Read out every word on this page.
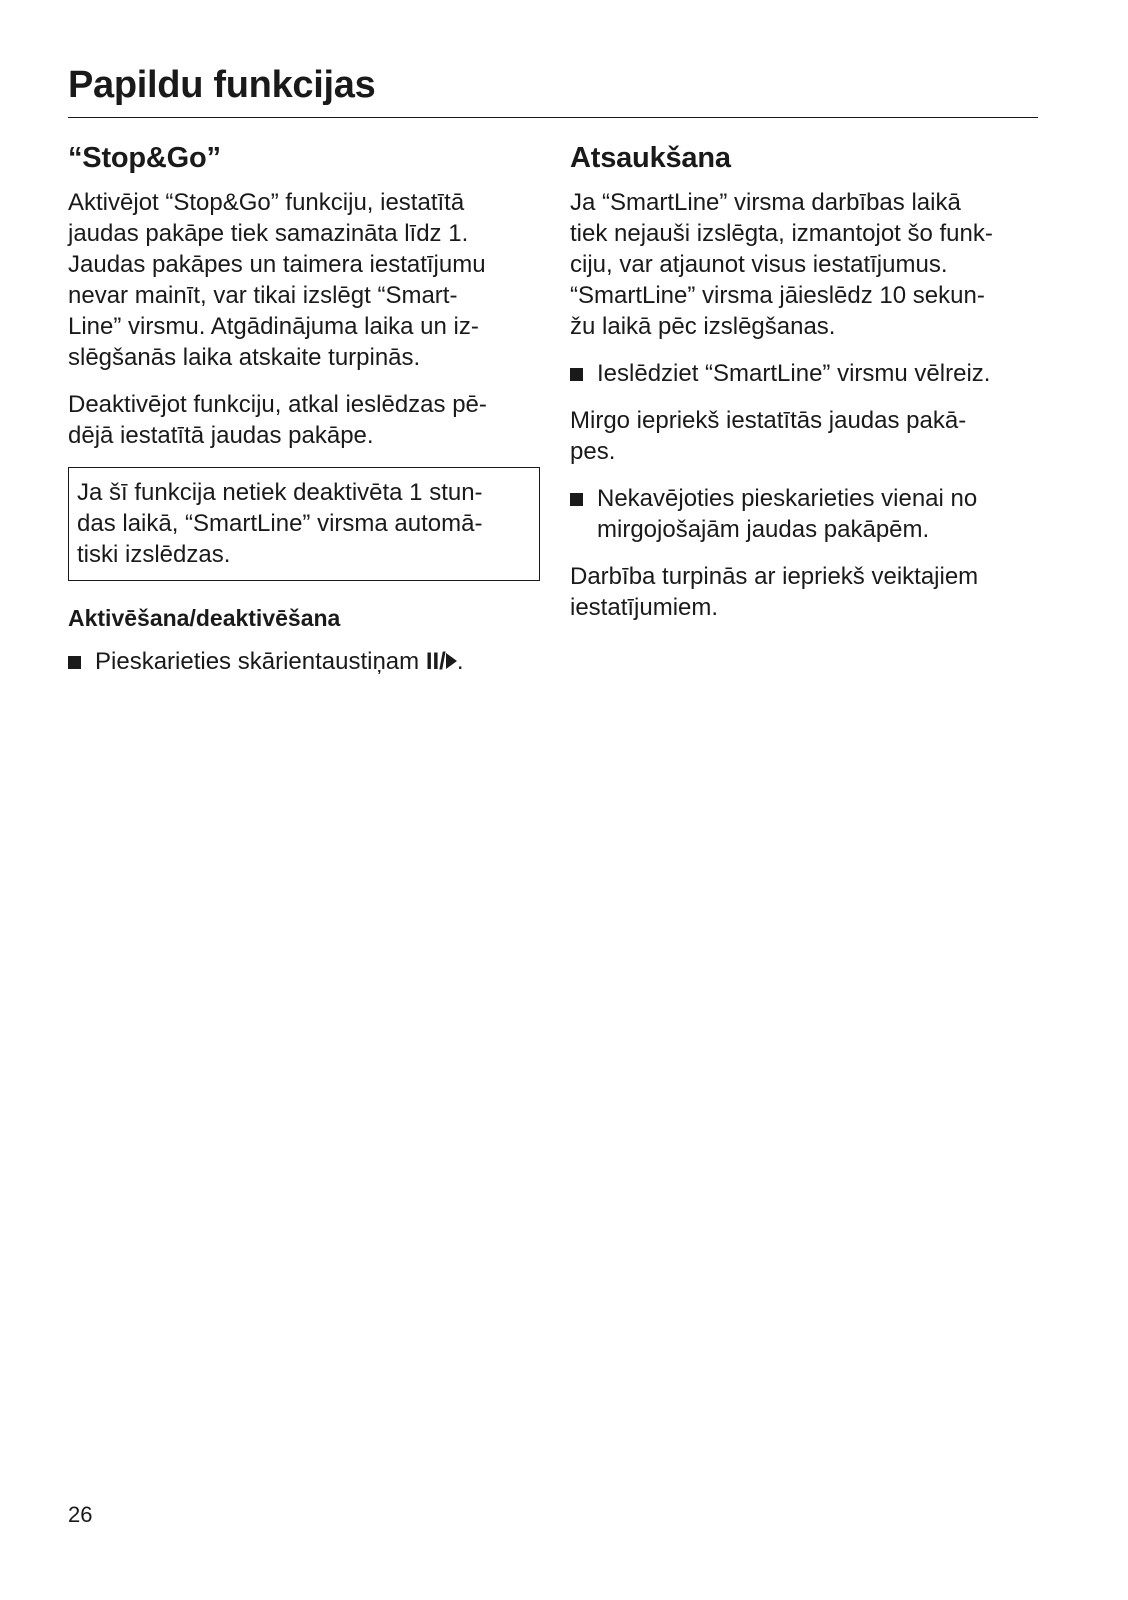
Papildu funkcijas
“Stop&Go”

Aktivējot “Stop&Go” funkciju, iestatītā
jaudas pakāpe tiek samazināta līdz 1.
Jaudas pakāpes un taimera iestatījumu
nevar mainīt, var tikai izslēgt “Smart-
Line” virsmu. Atgādinājuma laika un iz-
slēgšanās laika atskaite turpinās.

Deaktivējot funkciju, atkal ieslēdzas pē-
dējā iestatītā jaudas pakāpe.

Ja šī funkcija netiek deaktivēta 1 stun-
das laikā, “SmartLine” virsma automā-
tiski izslēdzas.

Aktivēšana/deaktivēšana
Pieskarieties skārientaustiņam II/ .
Atsaukšana

Ja “SmartLine” virsma darbības laikā
tiek nejauši izslēgta, izmantojot šo funk-
ciju, var atjaunot visus iestatījumus.
“SmartLine” virsma jāieslēdz 10 sekun-
žu laikā pēc izslēgšanas.

Ieslēdziet “SmartLine” virsmu vēlreiz.

Mirgo iepriekš iestatītās jaudas pakā-
pes.

Nekavējoties pieskarieties vienai no
mirgojošajām jaudas pakāpēm.

Darbība turpinās ar iepriekš veiktajiem
iestatījumiem.

26
